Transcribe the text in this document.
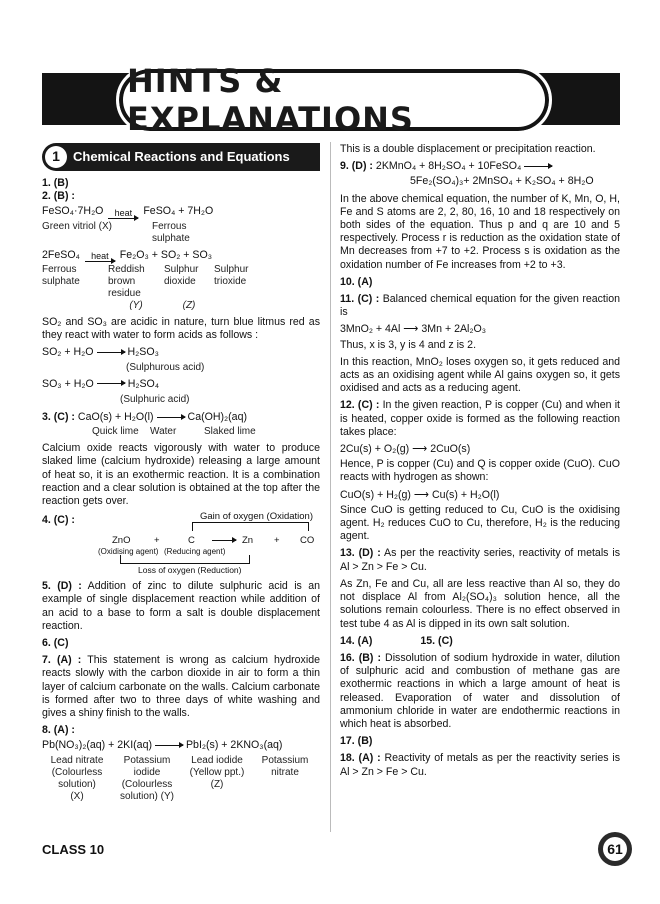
HINTS & EXPLANATIONS
1	Chemical Reactions and Equations
1. (B)
2. (B) :
FeSO₄·7H₂O	heat	FeSO₄ + 7H₂O
Green vitriol (X)	Ferrous
sulphate
2FeSO₄	heat	Fe₂O₃ + SO₂ + SO₃
Ferrous	Reddish	Sulphur	Sulphur
sulphate	brown	dioxide	trioxide
residue
(Y)	(Z)

SO₂ and SO₃ are acidic in nature, turn blue litmus red as they react with water to form acids as follows :

SO₂ + H₂O	H₂SO₃
(Sulphurous acid)
SO₃ + H₂O	H₂SO₄
(Sulphuric acid)
3. (C) : CaO(s) + H₂O(l)	Ca(OH)₂(aq)
Quick lime	Water	Slaked lime

Calcium oxide reacts vigorously with water to produce slaked lime (calcium hydroxide) releasing a large amount of heat so, it is an exothermic reaction. It is a combination reaction and a clear solution is obtained at the top after the reaction gets over.

4. (C) :	Gain of oxygen (Oxidation)
ZnO +	C	Zn + CO
(Oxidising agent) (Reducing agent)
Loss of oxygen (Reduction)

5. (D) : Addition of zinc to dilute sulphuric acid is an example of single displacement reaction while addition of an acid to a base to form a salt is double displacement reaction.

6. (C)

7. (A) : This statement is wrong as calcium hydroxide reacts slowly with the carbon dioxide in air to form a thin layer of calcium carbonate on the walls. Calcium carbonate is formed after two to three days of white washing and gives a shiny finish to the walls.

8. (A) :
Pb(NO₃)₂(aq) + 2KI(aq)	PbI₂(s) + 2KNO₃(aq)
Lead nitrate	Potassium	Lead iodide	Potassium
(Colourless	iodide	(Yellow ppt.)	nitrate
solution)	(Colourless	(Z)
(X)	solution) (Y)

This is a double displacement or precipitation reaction.

9. (D) : 2KMnO₄ + 8H₂SO₄ + 10FeSO₄
5Fe₂(SO₄)₃+ 2MnSO₄ + K₂SO₄ + 8H₂O

In the above chemical equation, the number of K, Mn, O, H, Fe and S atoms are 2, 2, 80, 16, 10 and 18 respectively on both sides of the equation. Thus p and q are 10 and 5 respectively. Process r is reduction as the oxidation state of Mn decreases from +7 to +2. Process s is oxidation as the oxidation number of Fe increases from +2 to +3.

10. (A)

11. (C) : Balanced chemical equation for the given reaction is

3MnO₂ + 4Al ⟶ 3Mn + 2Al₂O₃

Thus, x is 3, y is 4 and z is 2.

In this reaction, MnO₂ loses oxygen so, it gets reduced and acts as an oxidising agent while Al gains oxygen so, it gets oxidised and acts as a reducing agent.

12. (C) : In the given reaction, P is copper (Cu) and when it is heated, copper oxide is formed as the following reaction takes place:

2Cu(s) + O₂(g) ⟶ 2CuO(s)

Hence, P is copper (Cu) and Q is copper oxide (CuO). CuO reacts with hydrogen as shown:

CuO(s) + H₂(g) ⟶ Cu(s) + H₂O(l)

Since CuO is getting reduced to Cu, CuO is the oxidising agent. H₂ reduces CuO to Cu, therefore, H₂ is the reducing agent.

13. (D) : As per the reactivity series, reactivity of metals is Al > Zn > Fe > Cu.

As Zn, Fe and Cu, all are less reactive than Al so, they do not displace Al from Al₂(SO₄)₃ solution hence, all the solutions remain colourless. There is no effect observed in test tube 4 as Al is dipped in its own salt solution.

14. (A)	15. (C)

16. (B) : Dissolution of sodium hydroxide in water, dilution of sulphuric acid and combustion of methane gas are exothermic reactions in which a large amount of heat is released. Evaporation of water and dissolution of ammonium chloride in water are endothermic reactions in which heat is absorbed.

17. (B)

18. (A) : Reactivity of metals as per the reactivity series is Al > Zn > Fe > Cu.

CLASS 10	61
